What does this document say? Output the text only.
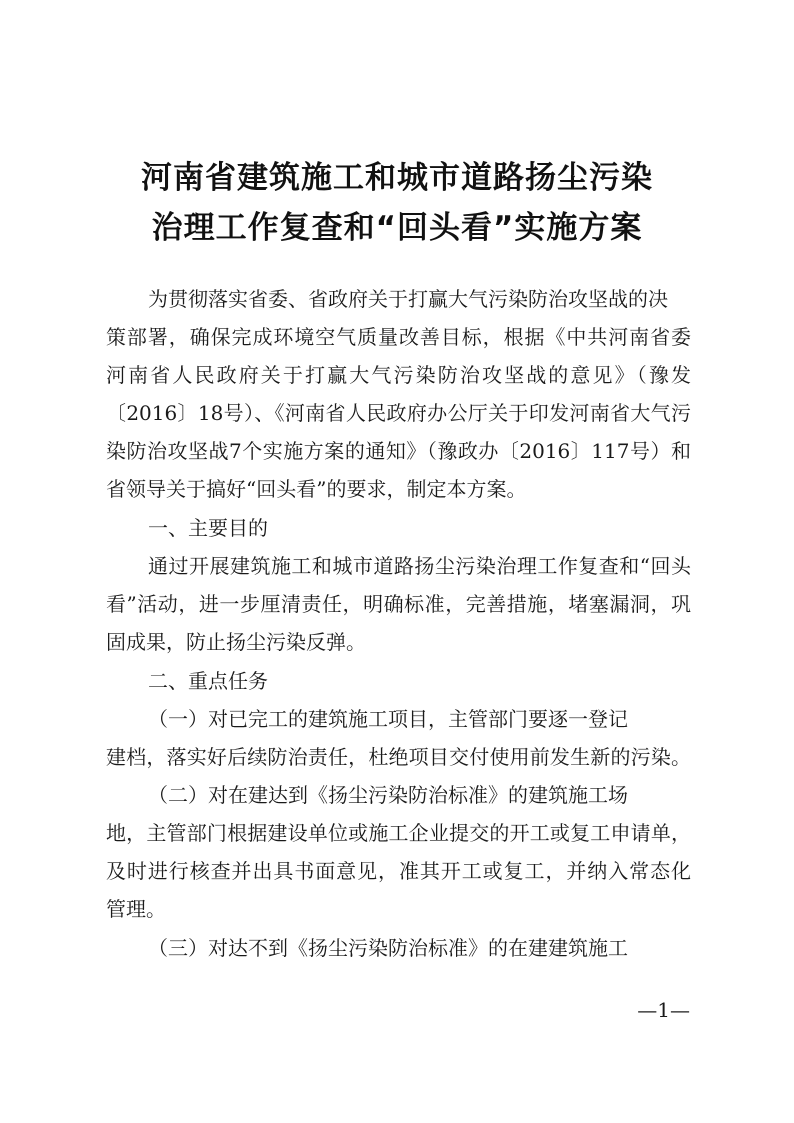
河南省建筑施工和城市道路扬尘污染
治理工作复查和“回头看”实施方案
为贯彻落实省委、省政府关于打赢大气污染防治攻坚战的决
策部署，确保完成环境空气质量改善目标，根据《中共河南省委
河南省人民政府关于打赢大气污染防治攻坚战的意见》（豫发
〔2016〕18号）、《河南省人民政府办公厅关于印发河南省大气污
染防治攻坚战7个实施方案的通知》（豫政办〔2016〕117号）和
省领导关于搞好“回头看”的要求，制定本方案。
一、主要目的
通过开展建筑施工和城市道路扬尘污染治理工作复查和“回头
看”活动，进一步厘清责任，明确标准，完善措施，堵塞漏洞，巩
固成果，防止扬尘污染反弹。
二、重点任务
（一）对已完工的建筑施工项目，主管部门要逐一登记
建档，落实好后续防治责任，杜绝项目交付使用前发生新的污染。
（二）对在建达到《扬尘污染防治标准》的建筑施工场
地，主管部门根据建设单位或施工企业提交的开工或复工申请单，
及时进行核查并出具书面意见，准其开工或复工，并纳入常态化
管理。
（三）对达不到《扬尘污染防治标准》的在建建筑施工
—1—
